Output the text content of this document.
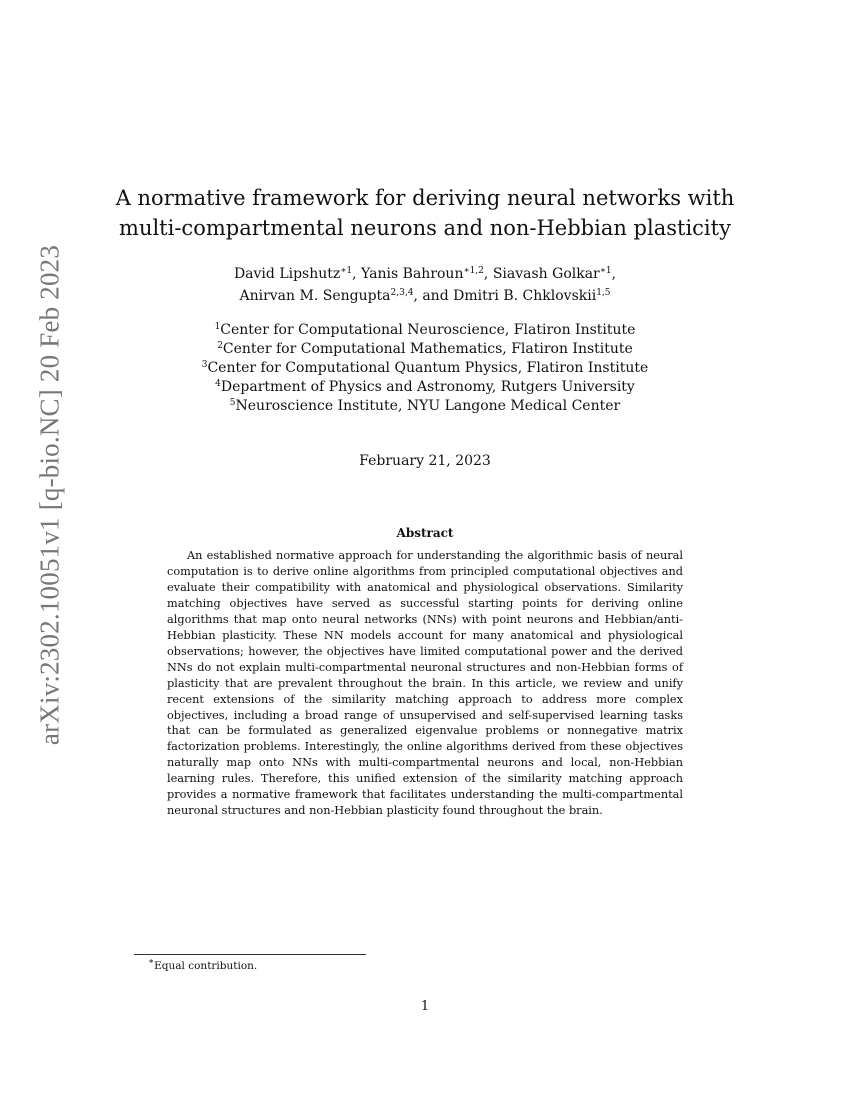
arXiv:2302.10051v1 [q-bio.NC] 20 Feb 2023
A normative framework for deriving neural networks with
multi-compartmental neurons and non-Hebbian plasticity
David Lipshutz$^{∗1}$, Yanis Bahroun$^{∗1,2}$, Siavash Golkar$^{∗1}$,
Anirvan M. Sengupta$^{2,3,4}$, and Dmitri B. Chklovskii$^{1,5}$
$^1$Center for Computational Neuroscience, Flatiron Institute
$^2$Center for Computational Mathematics, Flatiron Institute
$^3$Center for Computational Quantum Physics, Flatiron Institute
$^4$Department of Physics and Astronomy, Rutgers University
$^5$Neuroscience Institute, NYU Langone Medical Center
February 21, 2023
Abstract

An established normative approach for understanding the algorithmic basis of neural computation is to derive online algorithms from principled computational objectives and evaluate their compatibility with anatomical and physiological observations. Similarity matching objectives have served as successful starting points for deriving online algorithms that map onto neural networks (NNs) with point neurons and Hebbian/anti-Hebbian plasticity. These NN models account for many anatomical and physiological observations; however, the objectives have limited computational power and the derived NNs do not explain multi-compartmental neuronal structures and non-Hebbian forms of plasticity that are prevalent throughout the brain. In this article, we review and unify recent extensions of the similarity matching approach to address more complex objectives, including a broad range of unsupervised and self-supervised learning tasks that can be formulated as generalized eigenvalue problems or nonnegative matrix factorization problems. Interestingly, the online algorithms derived from these objectives naturally map onto NNs with multi-compartmental neurons and local, non-Hebbian learning rules. Therefore, this unified extension of the similarity matching approach provides a normative framework that facilitates understanding the multi-compartmental neuronal structures and non-Hebbian plasticity found throughout the brain.

∗Equal contribution.
1
